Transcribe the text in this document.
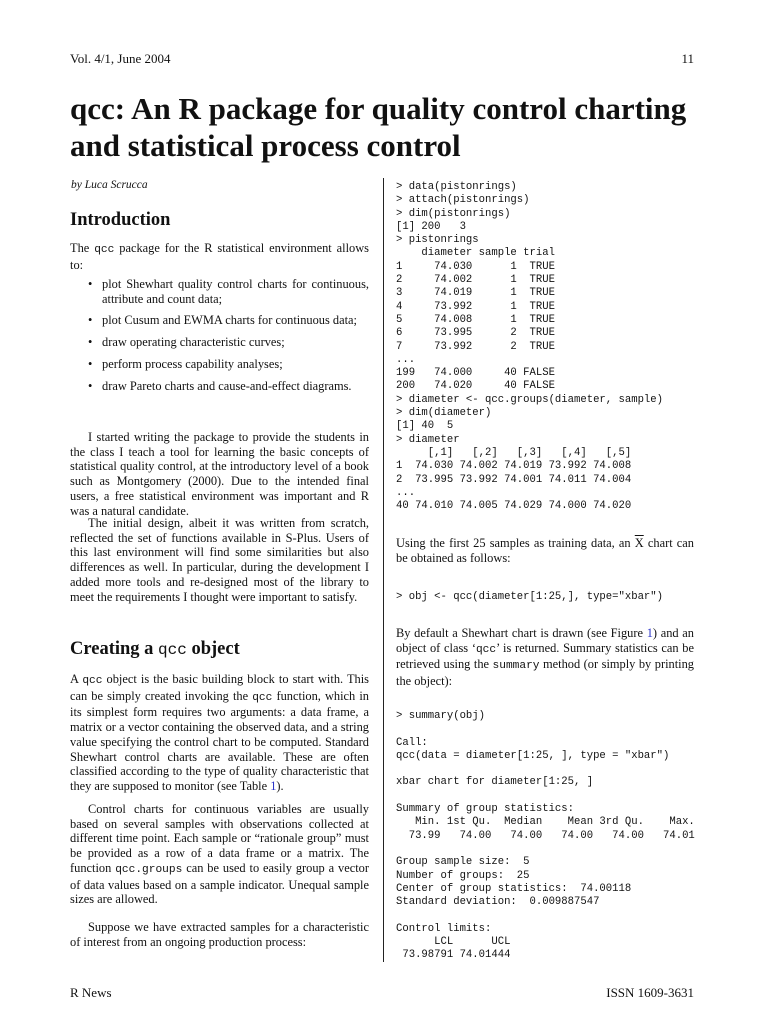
Vol. 4/1, June 2004	11
qcc: An R package for quality control charting and statistical process control
by Luca Scrucca
Introduction

The qcc package for the R statistical environment allows to:

• plot Shewhart quality control charts for continuous, attribute and count data;
• plot Cusum and EWMA charts for continuous data;
• draw operating characteristic curves;
• perform process capability analyses;
• draw Pareto charts and cause-and-effect diagrams.

I started writing the package to provide the students in the class I teach a tool for learning the basic concepts of statistical quality control, at the introductory level of a book such as Montgomery (2000). Due to the intended final users, a free statistical environment was important and R was a natural candidate.

The initial design, albeit it was written from scratch, reflected the set of functions available in S-Plus. Users of this last environment will find some similarities but also differences as well. In particular, during the development I added more tools and re-designed most of the library to meet the requirements I thought were important to satisfy.

Creating a qcc object

A qcc object is the basic building block to start with. This can be simply created invoking the qcc function, which in its simplest form requires two arguments: a data frame, a matrix or a vector containing the observed data, and a string value specifying the control chart to be computed. Standard Shewhart control charts are available. These are often classified according to the type of quality characteristic that they are supposed to monitor (see Table 1).

Control charts for continuous variables are usually based on several samples with observations collected at different time point. Each sample or “rationale group” must be provided as a row of a data frame or a matrix. The function qcc.groups can be used to easily group a vector of data values based on a sample indicator. Unequal sample sizes are allowed.

Suppose we have extracted samples for a characteristic of interest from an ongoing production process:

> data(pistonrings)
> attach(pistonrings)
> dim(pistonrings)
[1] 200   3
> pistonrings
diameter sample trial
1     74.030      1  TRUE
2     74.002      1  TRUE
3     74.019      1  TRUE
4     73.992      1  TRUE
5     74.008      1  TRUE
6     73.995      2  TRUE
7     73.992      2  TRUE
...
199   74.000     40 FALSE
200   74.020     40 FALSE
> diameter <- qcc.groups(diameter, sample)
> dim(diameter)
[1] 40  5
> diameter
[,1]   [,2]   [,3]   [,4]   [,5]
1  74.030 74.002 74.019 73.992 74.008
2  73.995 73.992 74.001 74.011 74.004
...
40 74.010 74.005 74.029 74.000 74.020

Using the first 25 samples as training data, an $\overline{X}$ chart can be obtained as follows:

> obj <- qcc(diameter[1:25,], type="xbar")

By default a Shewhart chart is drawn (see Figure 1) and an object of class ‘qcc’ is returned. Summary statistics can be retrieved using the summary method (or simply by printing the object):

> summary(obj)

Call:
qcc(data = diameter[1:25, ], type = "xbar")

xbar chart for diameter[1:25, ]

Summary of group statistics:
Min. 1st Qu.  Median    Mean 3rd Qu.    Max.
73.99   74.00   74.00   74.00   74.00   74.01

Group sample size:  5
Number of groups:  25
Center of group statistics:  74.00118
Standard deviation:  0.009887547

Control limits:
LCL      UCL
73.98791 74.01444
R News	ISSN 1609-3631
